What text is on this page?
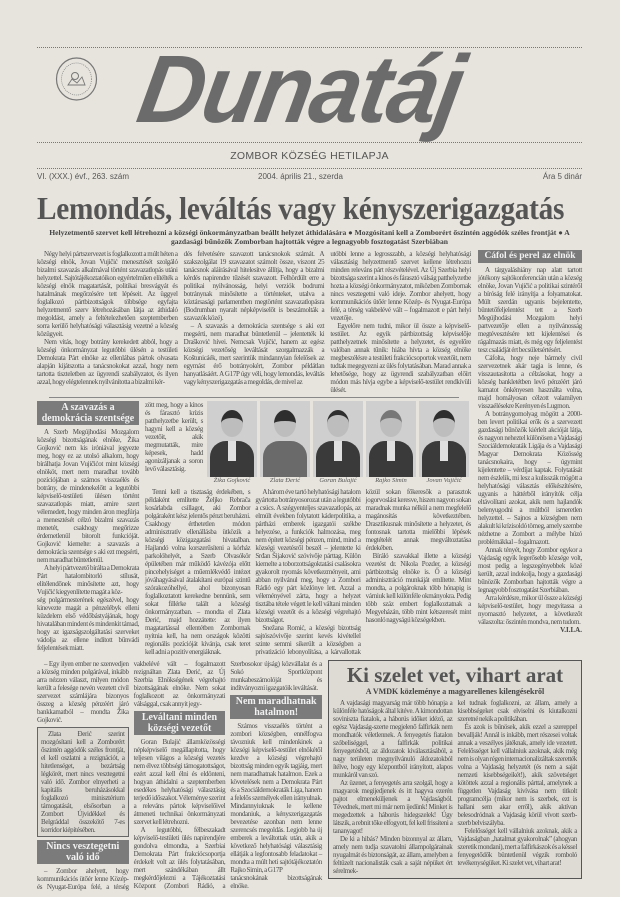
Dunatáj
ZOMBOR KÖZSÉG HETILAPJA
VI. (XXX.) évf., 263. szám	2004. április 21., szerda	Ára 5 dinár
Lemondás, leváltás vagy kényszerigazgatás
Helyzetmentő szervet kell létrehozni a községi önkormányzatban beállt helyzet áthidalására ● Mozgósítani kell a Zomborért őszintén aggódók széles frontját ● A gazdasági bűnözők Zomborban hajtották végre a legnagyobb fosztogatást Szerbiában

Négy helyi pártszervezet is foglalkozott a múlt héten a községi elnök, Jovan Vujičić menesztését szolgáló bizalmi szavazás alkalmával történt szavazatlopás utáni helyzettel. Sajtótájékoztatóikon egyértelműen elítélték a községi elnök magatartását, politikai bresvágyát és hatalmának megőrzésére tett lépéseit. Az üggyel foglalkozó pártbizottságok többsége egyfajta helyzetmentő szerv létrehozásában látja az áthidaló megoldást, amely a feltételezhetően szeptemberben sorra kerülő helyhatósági választásig vezetné a község közügyeit.

Nem vitás, hogy botrány kerekedett abból, hogy a községi önkormányzat legutóbbi ülésén a testületi Demokrata Párt elnöke az ellenlábas pártok olvasata alapján kijátszotta a tanácsnokokat azzal, hogy nem tartotta tiszteletben az ügyrendi szabályzatot, és ilyen azzal, hogy elégtelennek nyilvánította a bizalmi kér-

dés felvetésére szavazott tanácsnokok számát. A szakszolgálat 19 szavazatot számolt össze, viszont 25 tanácsnok aláírásával hitelesítve állítja, hogy a bizalmi kérdés napirendre tűzését szavazott. Felhördült erre a politikai nyilvánosság, helyi verziók bodrumi botránynak minősítette a történteket, utalva a köztársasági parlamentben megtörtént szavazatlopásra (Bodrumban nyaralt népképviselőt is beszámolták a szavazók közé).

– A szavazás a demokrácia szentsége s aki ezt megsérti, nem maradhat büntetlenül – jelentették ki Drašković hívei. Nemcsak Vujičić, hanem az egész községi vezetőség leváltását szorgalmazzák a Koštunicáék, mert szerintük mindannyian felelősek az egymást érő botrányokért, Zombor példátlan hanyatlásáért. A G17P úgy véli, hogy lemondás, leváltás vagy kényszerigazgatás a megoldás, de mivel az

utóbbi lenne a legrosszabb, a községi helyhatósági választásig helyzetmentő szervet kellene létrehozni minden releváns párt részvételével. Az Új Szerbia helyi bizottsága szerint a kínos és fárasztó válság patthelyzetbe hozta a községi önkormányzatot, miközben Zombornak nincs vesztegetni való ideje. Zombor ahelyett, hogy kommunikációs ütőér lenne Közép- és Nyugat-Európa felé, a térség vakbelévé vált – fogalmazott e párt helyi vezetője.

Egyelőre nem tudni, mikor ül össze a képviselő-testület. Az egyik pártbizottság képviselője patthelyzetnek minősítette a helyzetet, és egyelőre valóban annak tűnik: hiába hívta a község elnöke megbeszélésre a testületi frakciócsoportok vezetőit, nem tudtak megegyezni az ülés folytatásában. Marad annak a lehetősége, hogy az ügyrendi szabályzatban előírt módon más hívja egybe a képviselő-testület rendkívüli ülését.

A szavazás a demokrácia szentsége

A Szerb Megújhodási Mozgalom községi bizottságának elnöke, Žika Gojković nem kis iróniával jegyezte meg, hogy ez az utolsó alkalom, hogy bírálhatja Jovan Vujičićot mint községi elnököt, mert nem maradhat tovább pozíciójában a számos visszaélés és botrány, de mindenekelőtt a legutóbbi képviselő-testületi ülésen történt szavazatlopás miatt, amire szert vélemedett, hogy minden áron megfúrja a menesztését célzó bizalmi szavazás menetét, csakhogy megőrizze érdemetlenül bitorolt funkcióját. Gojković kiemelte: a szavazás a demokrácia szentsége s aki ezt megsérti, nem maradhat büntetlenül.

A helyi pártvezető bírálta a Demokrata Párt hatalombitorló stílusát, elítélendőnek minősítette azt, hogy Vujičić kiegyenlítette magát a köz-

ség polgármesterének egészével, hogy kinevezte magát a pénzelébyk elleni küzdelem első védőbástyájának, hogy hivatalában mindent és mindenkit támad, hogy az igazságszolgáltatási szerveket vádolja az ellene indított bűnvádi feljelentések miatt.

zött meg, hogy a kínos és fárasztó krízis patthelyzetbe került, s hagyni kell a község vezetőit, akik megmutatták, mire képesek, hadd agonizáljanak a soron levő választásig.

Žika Gojković	Zlata Đerić	Goran Bulajić	Rajko Simin	Jovan Vujičić

Tenni kell a tisztaság érdekében, s példaként említette Željko Rebrača kosárlabda csillagot, aki Zombor polgáraként kész jelentős pénzt beruházni. Csakhogy érthetetlen módon adminisztratív ellenállásba ütközik a községi közigazgatási hivatalban. Hajlandó volna korszerűsíteni a kórház parkolóhelyét, a Szerb Olvasókör épületében már működő kávézója előtt pincehelyiséget a műemlékvédő intézet jóváhagyásával átalakítani európai szintű szórakozóhellyé, ahol bizonyosan foglalkoztatott kerekedne bennünk, sem sokat fillérke talált a községi önkormányzatban. – mondta el Zlata Đerić, majd hozzátette: az ilyen magatartással ellentétben Zombornak nyitnia kell, ha nem országok közötti regionális pozícióját kívánja, csak teret kell adni a pozitív energiáknak.

A három éve tartó helyhatósági hatalom gyártotta botrányosorozat után a legutóbbi a csúcs. A szégyenteljes szavazatlopás, az elmúlt években folytatott káderpolitika, a pártházi emberek igazgatói székbe helyezése, a funkciók halmozása, meg nem épített községi pénzen, mind, mind a községi vezetésről beszél – jelentette ki Srđan Šijaković szóvivője párttag. Külön kiemelte a toborzottságoktatási csalásokra gyakorolt nyomás következményeit, ami abban nyilvánul meg, hogy a Zombori Rádió egy párt közlönye lett. Azzal a véleményével zárta, hogy a helyzet tisztába tétele végett le kell váltani minden községi vezetőt és a községi végrehajtó bizottságot.

Snežana Romić, a községi bizottság sajtószóvivője szerint kevés kivétellel szinte semmi sikerült a községben a privatizáció lebonyolítása, a kárvallottak közül sokan főkeresők a parasztok jogorvoslást keresve, hiszen nagyon sokan maradnak munka nélkül a nem megfelelő magánosítás következtében. Drasztikusnak minősítette a helyzetet, és fontosnak tartotta mielőbbi lépések megtételét annak megváltoztatása érdekében.

Bíráló szavakkal illette a községi vezetést dr. Nikola Pozder, a községi pártbizottság elnöke is. Ő a községi adminisztráció munkáját említette. Mint mondta, a polgároknak több hónapig is várniuk kell különféle okmányokra. Pedig több száz embert foglalkoztatnak a Megyeházán, több mint kétszeresét mint hasonló nagyságú községekben.

Cáfol és perel az elnök

A tárgyaláshiány nap alatt tartott jótékony sajtókonferencián után a község elnöke, Jovan Vujičić a politikai szintéről a bíróság felé irányítja a folyamatokat. Múlt szerdán ugyanis bejelentette, büntetőfeljelentést tett a Szerb Megújhodási Mozgalom helyi partvezetője ellen a nyilvánosság megtévesztésére tett kijelentései és rágalmazás miatt, és még egy feljelentést tesz családját ért becsületsértésért.

Cáfolta, hogy neje bármely civil szervezetnek akár tagja is lenne, és visszautasította a célzásokat, hogy a község bankletétben levő pénzéért járó kamatot önkényesen használta volna, majd homályosan célzott valamilyen visszaélésekre Kerényen és Lugmon.

A botránygomolyag mögött a 2000-ben levert politikai erők és a szervezett gazdasági bűnözők kiérlelt akcióját látja, és nagyon neheztel különösen a Vajdasági Szociáldemokraták Ligája és a Vajdasági Magyar Demokrata Közösség tanácsnokaira, hogy – úgymint kijelentette – vérdíjat kaptak. Folytatását nem észlelik, mi lesz a kulisszák mögött a helyhatósági választás előkészítésére, ugyanis a háttérből irányítók célja eltávolítani azokat, akik nem hajlandók belenyugodni a múltból ismeretlen helyzettel. – Sajnos a községben nem alakult ki krízisoldó tömeg, amely szembe nézhetne a Zombort a mélybe húzó problémákkal – fogalmazott.

Annak tényét, hogy Zombor egykor a Vajdaság egyik legerősebb községe volt, most pedig a legszegényebbek közé került, azzal indokolja, hogy a gazdasági bűnözők Zomborban hajtották végre a legnagyobb fosztogatást Szerbiában.

Arra kérdésre, mikor ül össze a községi képviselő-testület, hogy megvitassa a nyomasztó helyzetet, a következőt válaszolta: őszintén mondva, nem tudom.

V.I.LA.

– Egy ilyen ember ne szenvedjen a község minden polgárával, inkább arra nézzen választ, milyen módon került a felesége nevén vezetett civil szervezet számlájára bizonyos összeg a község pénzéért járó bankkamatból – mondta Žika Gojković.

Zlata Đerić szerint mozgósítani kell a Zomborért őszintén aggódók széles frontját, el kell oszlatni a rezignációt, a hitetlenséget, a bezártság légkörét, mert nincs vesztegetni való idő. Zombor elnyerheti a kapitális beruházásokkal foglalkozó minisztérium támogatását, elsősorban a Zombort Újvidékkel és Belgráddal összekötő 7-es korridor kiépítésében.

Nincs vesztegetni való idő

– Zombor ahelyett, hogy kommunikációs ütőér lenne Közép- és Nyugat-Európa felé, a térség vakbelévé vált – fogalmazott rezignáltan Zlata Đerić, az Új Szerbia Elnökségének végrehajtó bizottságának elnöke. Nem sokat foglalkozott az önkormányzati válsággal, csak annyit jegy-

Leváltani minden községi vezetőt

Goran Bulajić államközösségi népképviselő megállapította, hogy teljesen világos a községi vezetés nem élvez többségi támogatottságot, ezért azzal kell élni és eldönteni, hogyan áthidalni a szeptemberben esedékes helyhatósági választásig terjedő időszakot. Véleménye szerint a releváns pártok képviselőivel átmeneti technikai önkormányzati szervet kell létrehozni.

A legutóbbi, félbeszakadt képviselő-testületi ülés napirendjére gondolva elmondta, a Szerbiai Demokrata Párt frakciócsoportja érdekelt volt az ülés folytatásában, mert szándékában állt megkérdőjelezni a Tájékoztatási Központ (Zombori Rádió, a Szerbosokor újság) közvállalat és a Sokó Sportközpont munkabeszámolóját és indítványozni igazgatóik leváltását.

Nem maradhatnak hatalmon!

Számos visszaélés történt a zombori községben, ennélfogva távozniuk kell mindenkinek a községi képviselő-testület elnökétől kezdve a községi végrehajtó bizottság minden egyik tagjáig, mert nem maradhatnak hatalmon. Ezek a követelések nem a Demokrata Párt és a Szociáldemokraták Liga, hanem a felelős személyek ellen irányulnak. Mindannyiuknak le kellene mondaniuk, a kényszerigazgatás bevezetése azonban nem lenne szerencsés megoldás. Legjobb ha új emberek a leváltottak után, akik a következő helyhatósági választásig ellátják a legfontosabb feladatokat – mondta a múlt heti sajtótájékoztatón Rajko Simin, a G17P

tanácsnokának bizottságának elnöke.

Ki szelet vet, vihart arat
A VMDK közleménye a magyarellenes kilengésekről

A vajdasági magyarság már több hónapja a különféle hatóságok által kitéve. A kimondottan soviniszta fiatalok, a háborús időket idéző, az egész Vajdaság-szerte megjelenő falfirkák nem mondhatók véletlennek. A fenyegetés fiatalon szóbeliséggel, a falfirkák politikai fenyegetésből, az áldozatok kiválasztásából, a nagy területen megnyilvánuló áldozatokból ítélve, hogy egy központból irányított, alapos munkáról van szó.

Az üzenet, a fenyegetés arra szolgál, hogy a magyarok megijedjenek és itt hagyva ezerén pajtot elmeneküljenek a Vajdaságból. Tévednek, mert mi már nem ijedünk! Minket is megedzettek a háborús hidegszelek! Úgy látszik, a rebnit tőke elfogyott, fel kell frissíteni a tananyagot!

De ki a hibás? Minden bizonnyal az állam, amely nem tudja szavatolni állampolgárainak nyugalmát és biztonságát, az állam, amelyben a feltüzelt nacionalisták csak a saját népüket ért sérelmek-

kel tudnak foglalkozni, az állam, amely a kisebbségeket csak elviselni és kiutalkozni szeretné nekik a politikában.

És azok is bűnösek, akik ezzel a szereppel bevallják! Annál is inkább, mert részesei voltak annak a veszélyes játéknak, amely ide vezetett. Felelősséget kell vállalniuk azoknak, akik még nem is olyan régen internacionalizáltak szerették volna a Vajdaság helyzetét (és nem a saját nemzeti kisebbségeikét!), akik szövetséget kötöttek azzal a regionális párttal, amelynek a független Vajdaság kivívása nem titkolt programcélja (mikor nem is szerbek, ezt is hallani sem akar erről), akik aktívan belesodródnak a Vajdaság körül vívott szerb-szerb belviszályba.

Felelősséget kell vállalniuk azoknak, akik a Vajdaságban „hatalmat gyakorolnak” (ahogyan szeretik mondani), mert a falfirkászok és a késsel fenyegetődők büntetlenül végzik romboló tevékenységüket. Ki szelet vet, vihart arat!
